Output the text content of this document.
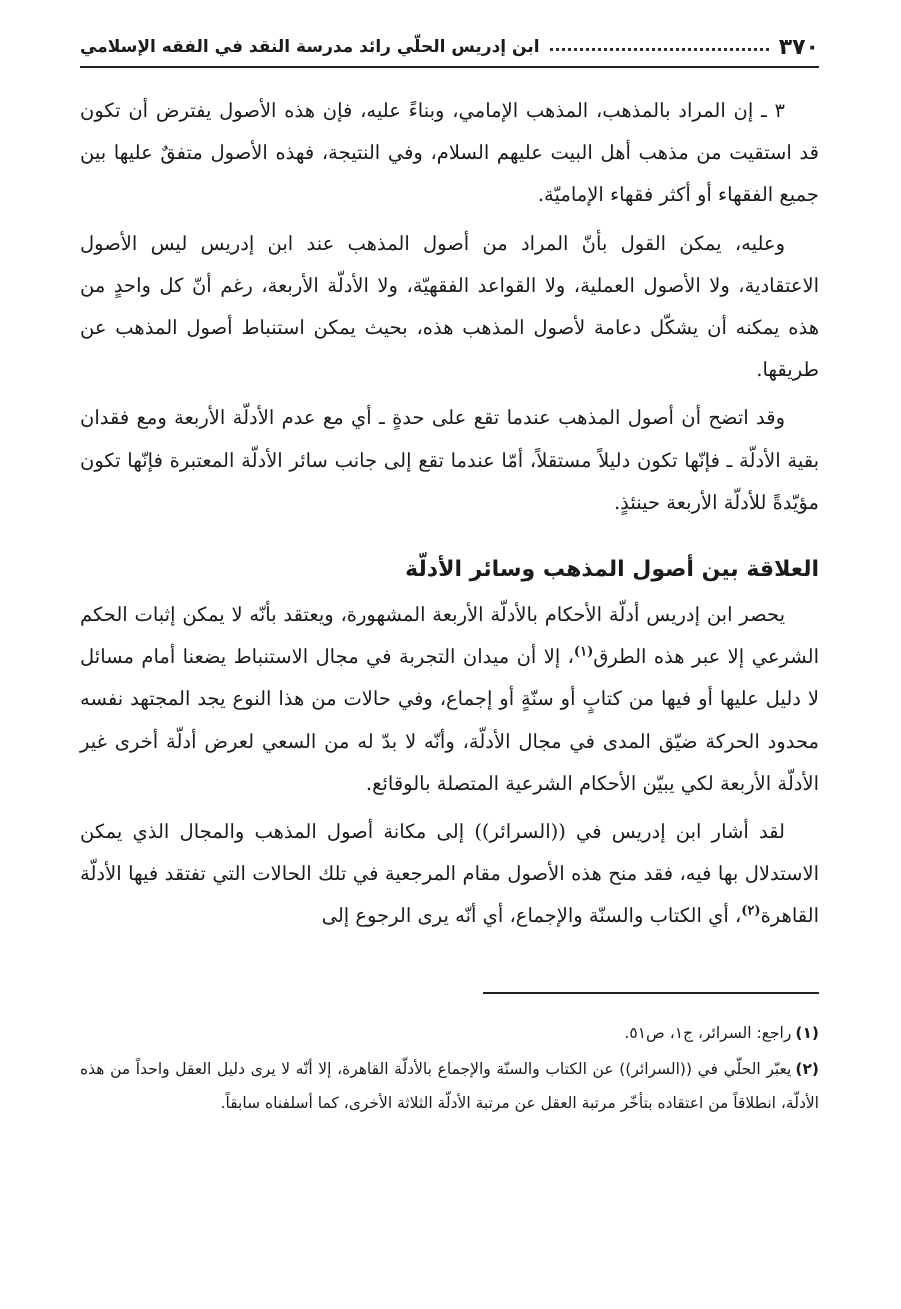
٣٧٠
ابن إدريس الحلّي رائد مدرسة النقد في الفقه الإسلامي

٣ ـ إن المراد بالمذهب، المذهب الإمامي، وبناءً عليه، فإن هذه الأصول يفترض أن تكون قد استقيت من مذهب أهل البيت عليهم السلام، وفي النتيجة، فهذه الأصول متفقٌ عليها بين جميع الفقهاء أو أكثر فقهاء الإماميّة.

وعليه، يمكن القول بأنّ المراد من أصول المذهب عند ابن إدريس ليس الأصول الاعتقادية، ولا الأصول العملية، ولا القواعد الفقهيّة، ولا الأدلّة الأربعة، رغم أنّ كل واحدٍ من هذه يمكنه أن يشكّل دعامة لأصول المذهب هذه، بحيث يمكن استنباط أصول المذهب عن طريقها.

وقد اتضح أن أصول المذهب عندما تقع على حدةٍ ـ أي مع عدم الأدلّة الأربعة ومع فقدان بقية الأدلّة ـ فإنّها تكون دليلاً مستقلاً، أمّا عندما تقع إلى جانب سائر الأدلّة المعتبرة فإنّها تكون مؤيّدةً للأدلّة الأربعة حينئذٍ.

العلاقة بين أصول المذهب وسائر الأدلّة

يحصر ابن إدريس أدلّة الأحكام بالأدلّة الأربعة المشهورة، ويعتقد بأنّه لا يمكن إثبات الحكم الشرعي إلا عبر هذه الطرق$^{(١)}$، إلا أن ميدان التجربة في مجال الاستنباط يضعنا أمام مسائل لا دليل عليها أو فيها من كتابٍ أو سنّةٍ أو إجماع، وفي حالات من هذا النوع يجد المجتهد نفسه محدود الحركة ضيّق المدى في مجال الأدلّة، وأنّه لا بدّ له من السعي لعرض أدلّة أخرى غير الأدلّة الأربعة لكي يبيّن الأحكام الشرعية المتصلة بالوقائع.

لقد أشار ابن إدريس في ((السرائر)) إلى مكانة أصول المذهب والمجال الذي يمكن الاستدلال بها فيه، فقد منح هذه الأصول مقام المرجعية في تلك الحالات التي تفتقد فيها الأدلّة القاهرة$^{(٢)}$، أي الكتاب والسنّة والإجماع، أي أنّه يرى الرجوع إلى

(١)راجع: السرائر، ج١، ص٥١.

(٢)يعبّر الحلّي في ((السرائر)) عن الكتاب والسنّة والإجماع بالأدلّة القاهرة، إلا أنّه لا يرى دليل العقل واحداً من هذه الأدلّة، انطلاقاً من اعتقاده بتأخّر مرتبة العقل عن مرتبة الأدلّة الثلاثة الأخرى، كما أسلفناه سابقاً.
